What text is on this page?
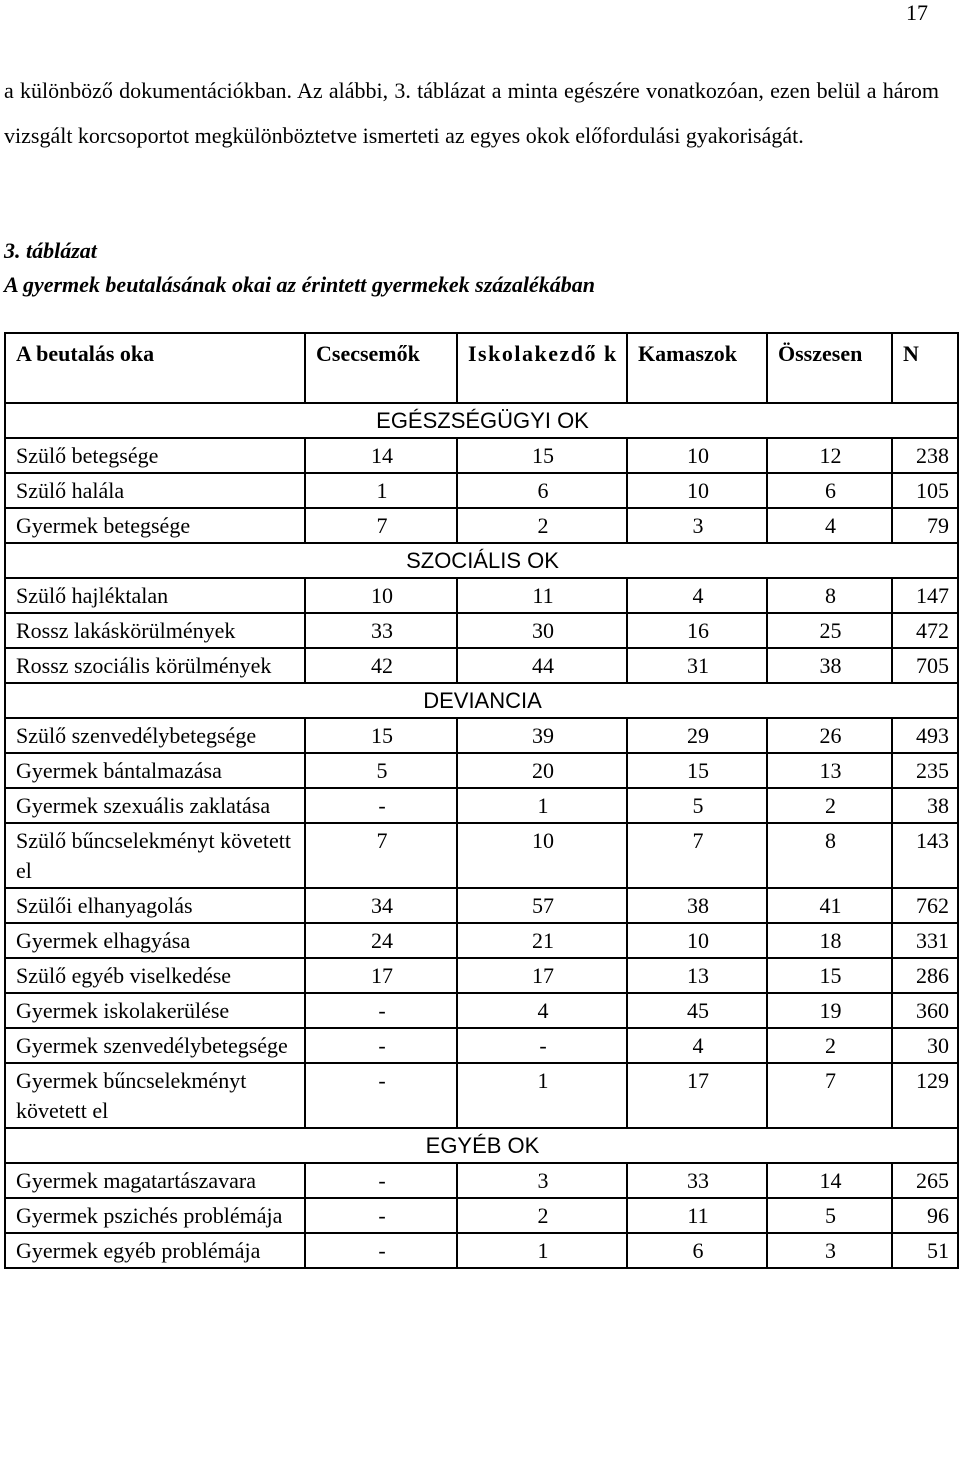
17
a különböző dokumentációkban. Az alábbi, 3. táblázat a minta egészére vonatkozóan, ezen belül a három vizsgált korcsoportot megkülönböztetve ismerteti az egyes okok előfordulási gyakoriságát.
3. táblázat
A gyermek beutalásának okai az érintett gyermekek százalékában
A beutalás oka	Csecsemők	Iskolakezdő k	Kamaszok	Összesen	N
EGÉSZSÉGÜGYI OK					
Szülő betegsége	14	15	10	12	238
Szülő halála	1	6	10	6	105
Gyermek betegsége	7	2	3	4	79
SZOCIÁLIS OK					
Szülő hajléktalan	10	11	4	8	147
Rossz lakáskörülmények	33	30	16	25	472
Rossz szociális körülmények	42	44	31	38	705
DEVIANCIA					
Szülő szenvedélybetegsége	15	39	29	26	493
Gyermek bántalmazása	5	20	15	13	235
Gyermek szexuális zaklatása	-	1	5	2	38
Szülő bűncselekményt követett el	7	10	7	8	143
Szülői elhanyagolás	34	57	38	41	762
Gyermek elhagyása	24	21	10	18	331
Szülő egyéb viselkedése	17	17	13	15	286
Gyermek iskolakerülése	-	4	45	19	360
Gyermek szenvedélybetegsége	-	-	4	2	30
Gyermek bűncselekményt követett el	-	1	17	7	129
EGYÉB OK					
Gyermek magatartászavara	-	3	33	14	265
Gyermek pszichés problémája	-	2	11	5	96
Gyermek egyéb problémája	-	1	6	3	51
